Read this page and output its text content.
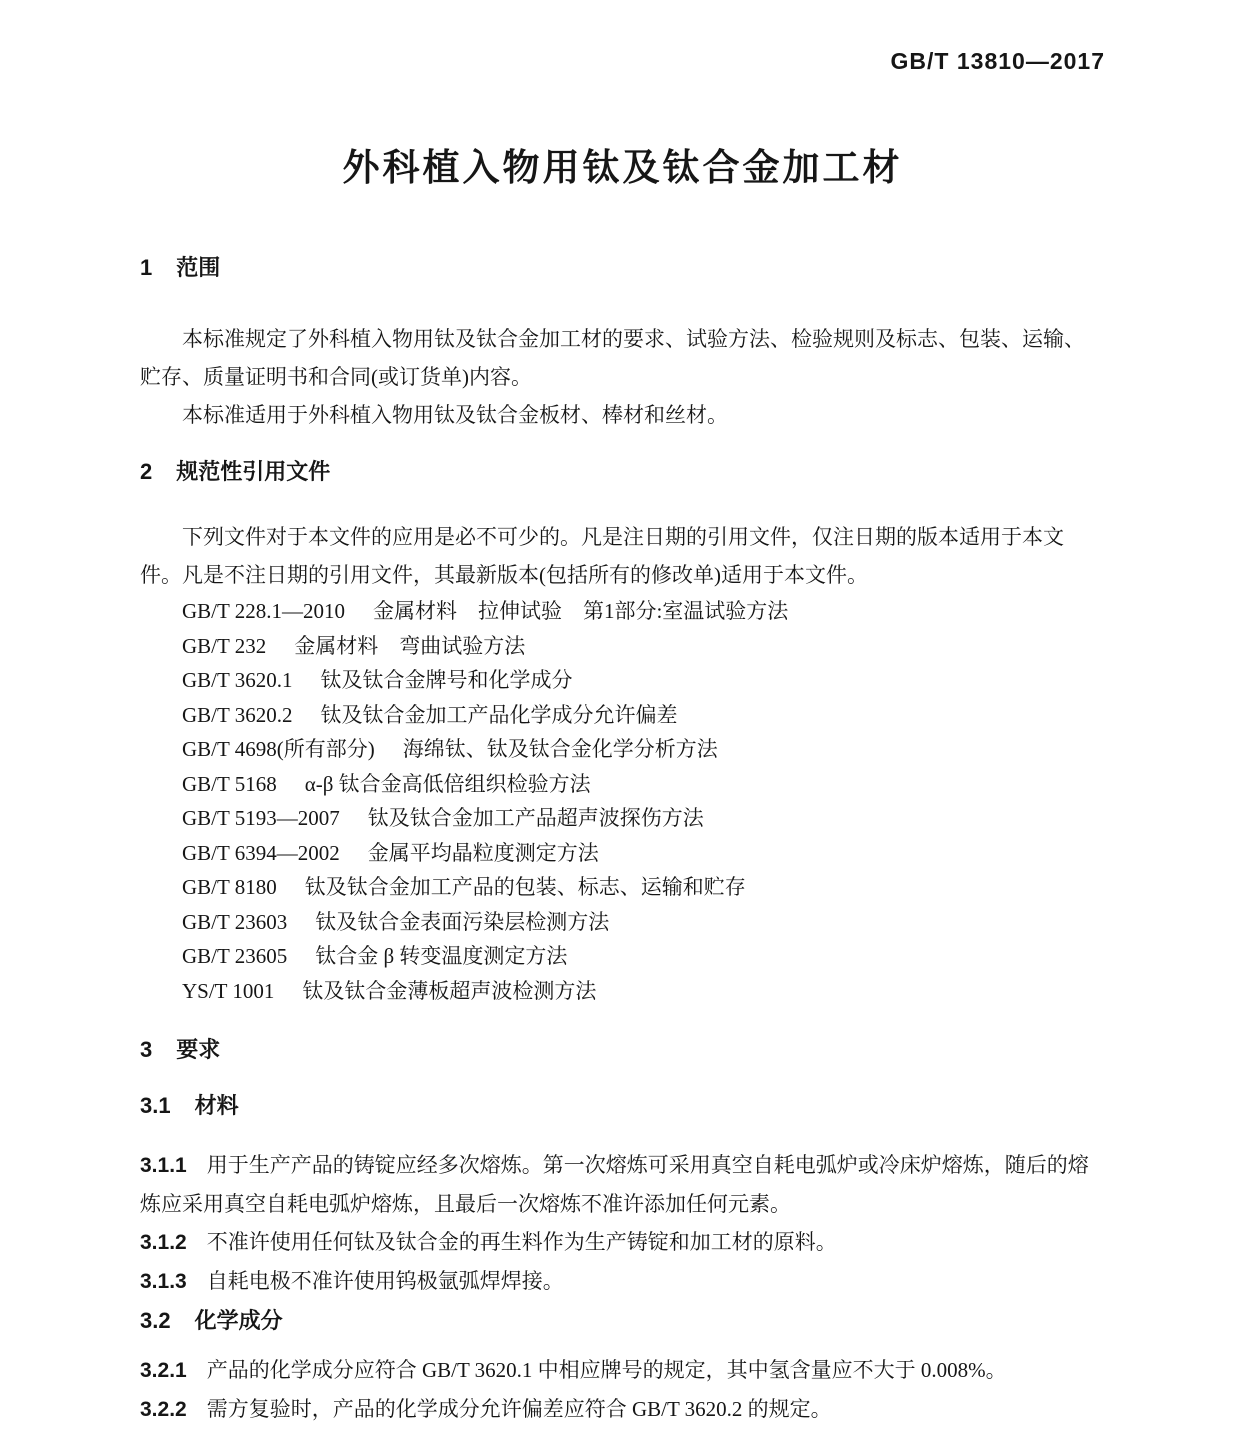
GB/T 13810—2017
外科植入物用钛及钛合金加工材
1 范围

本标准规定了外科植入物用钛及钛合金加工材的要求、试验方法、检验规则及标志、包装、运输、贮存、质量证明书和合同(或订货单)内容。

本标准适用于外科植入物用钛及钛合金板材、棒材和丝材。

2 规范性引用文件

下列文件对于本文件的应用是必不可少的。凡是注日期的引用文件，仅注日期的版本适用于本文件。凡是不注日期的引用文件，其最新版本(包括所有的修改单)适用于本文件。

GB/T 228.1—2010 金属材料　拉伸试验　第1部分:室温试验方法
GB/T 232 金属材料　弯曲试验方法
GB/T 3620.1 钛及钛合金牌号和化学成分
GB/T 3620.2 钛及钛合金加工产品化学成分允许偏差
GB/T 4698(所有部分) 海绵钛、钛及钛合金化学分析方法
GB/T 5168 α-β 钛合金高低倍组织检验方法
GB/T 5193—2007 钛及钛合金加工产品超声波探伤方法
GB/T 6394—2002 金属平均晶粒度测定方法
GB/T 8180 钛及钛合金加工产品的包装、标志、运输和贮存
GB/T 23603 钛及钛合金表面污染层检测方法
GB/T 23605 钛合金 β 转变温度测定方法
YS/T 1001 钛及钛合金薄板超声波检测方法
3 要求
3.1 材料

3.1.1 用于生产产品的铸锭应经多次熔炼。第一次熔炼可采用真空自耗电弧炉或冷床炉熔炼，随后的熔炼应采用真空自耗电弧炉熔炼，且最后一次熔炼不准许添加任何元素。

3.1.2 不准许使用任何钛及钛合金的再生料作为生产铸锭和加工材的原料。

3.1.3 自耗电极不准许使用钨极氩弧焊焊接。

3.2 化学成分

3.2.1 产品的化学成分应符合 GB/T 3620.1 中相应牌号的规定，其中氢含量应不大于 0.008%。

3.2.2 需方复验时，产品的化学成分允许偏差应符合 GB/T 3620.2 的规定。
